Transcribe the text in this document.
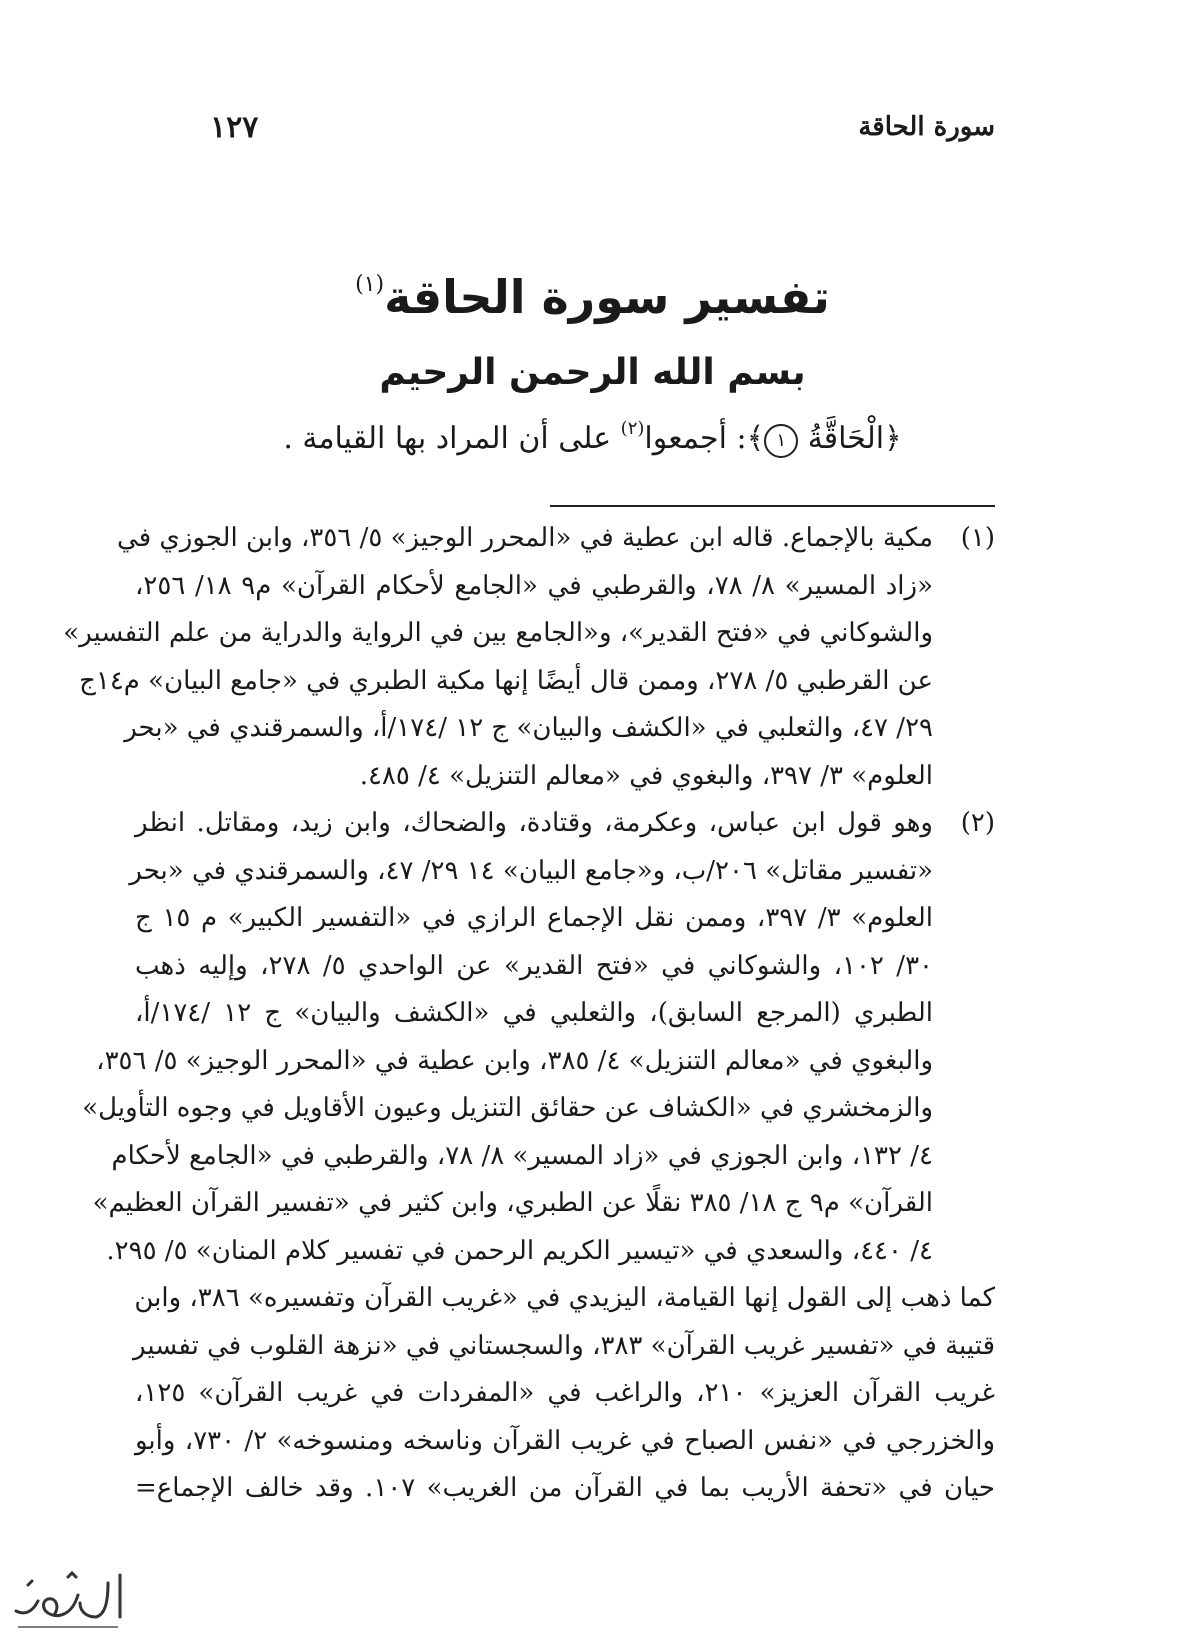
سورة الحاقة
١٢٧
تفسير سورة الحاقة$^{(١)}$
بسم الله الرحمن الرحيم
﴿الْحَاقَّةُ ١﴾: أجمعوا$^{(٢)}$ على أن المراد بها القيامة .
(١)
مكية بالإجماع. قاله ابن عطية في «المحرر الوجيز» ٥/ ٣٥٦، وابن الجوزي في
«زاد المسير» ٨/ ٧٨، والقرطبي في «الجامع لأحكام القرآن» م٩ ١٨/ ٢٥٦،
والشوكاني في «فتح القدير»، و«الجامع بين في الرواية والدراية من علم التفسير»
عن القرطبي ٥/ ٢٧٨، وممن قال أيضًا إنها مكية الطبري في «جامع البيان» م١٤ج
٢٩/ ٤٧، والثعلبي في «الكشف والبيان» ج ١٢ /١٧٤/أ، والسمرقندي في «بحر
العلوم» ٣/ ٣٩٧، والبغوي في «معالم التنزيل» ٤/ ٤٨٥.
(٢)
وهو قول ابن عباس، وعكرمة، وقتادة، والضحاك، وابن زيد، ومقاتل. انظر
«تفسير مقاتل» ٢٠٦/ب، و«جامع البيان» ١٤ ٢٩/ ٤٧، والسمرقندي في «بحر
العلوم» ٣/ ٣٩٧، وممن نقل الإجماع الرازي في «التفسير الكبير» م ١٥ ج
٣٠/ ١٠٢، والشوكاني في «فتح القدير» عن الواحدي ٥/ ٢٧٨، وإليه ذهب
الطبري (المرجع السابق)، والثعلبي في «الكشف والبيان» ج ١٢ /١٧٤/أ،
والبغوي في «معالم التنزيل» ٤/ ٣٨٥، وابن عطية في «المحرر الوجيز» ٥/ ٣٥٦،
والزمخشري في «الكشاف عن حقائق التنزيل وعيون الأقاويل في وجوه التأويل»
٤/ ١٣٢، وابن الجوزي في «زاد المسير» ٨/ ٧٨، والقرطبي في «الجامع لأحكام
القرآن» م٩ ج ١٨/ ٣٨٥ نقلًا عن الطبري، وابن كثير في «تفسير القرآن العظيم»
٤/ ٤٤٠، والسعدي في «تيسير الكريم الرحمن في تفسير كلام المنان» ٥/ ٢٩٥.
كما ذهب إلى القول إنها القيامة، اليزيدي في «غريب القرآن وتفسيره» ٣٨٦، وابن
قتيبة في «تفسير غريب القرآن» ٣٨٣، والسجستاني في «نزهة القلوب في تفسير
غريب القرآن العزيز» ٢١٠، والراغب في «المفردات في غريب القرآن» ١٢٥،
والخزرجي في «نفس الصباح في غريب القرآن وناسخه ومنسوخه» ٢/ ٧٣٠، وأبو
حيان في «تحفة الأريب بما في القرآن من الغريب» ١٠٧. وقد خالف الإجماع=
